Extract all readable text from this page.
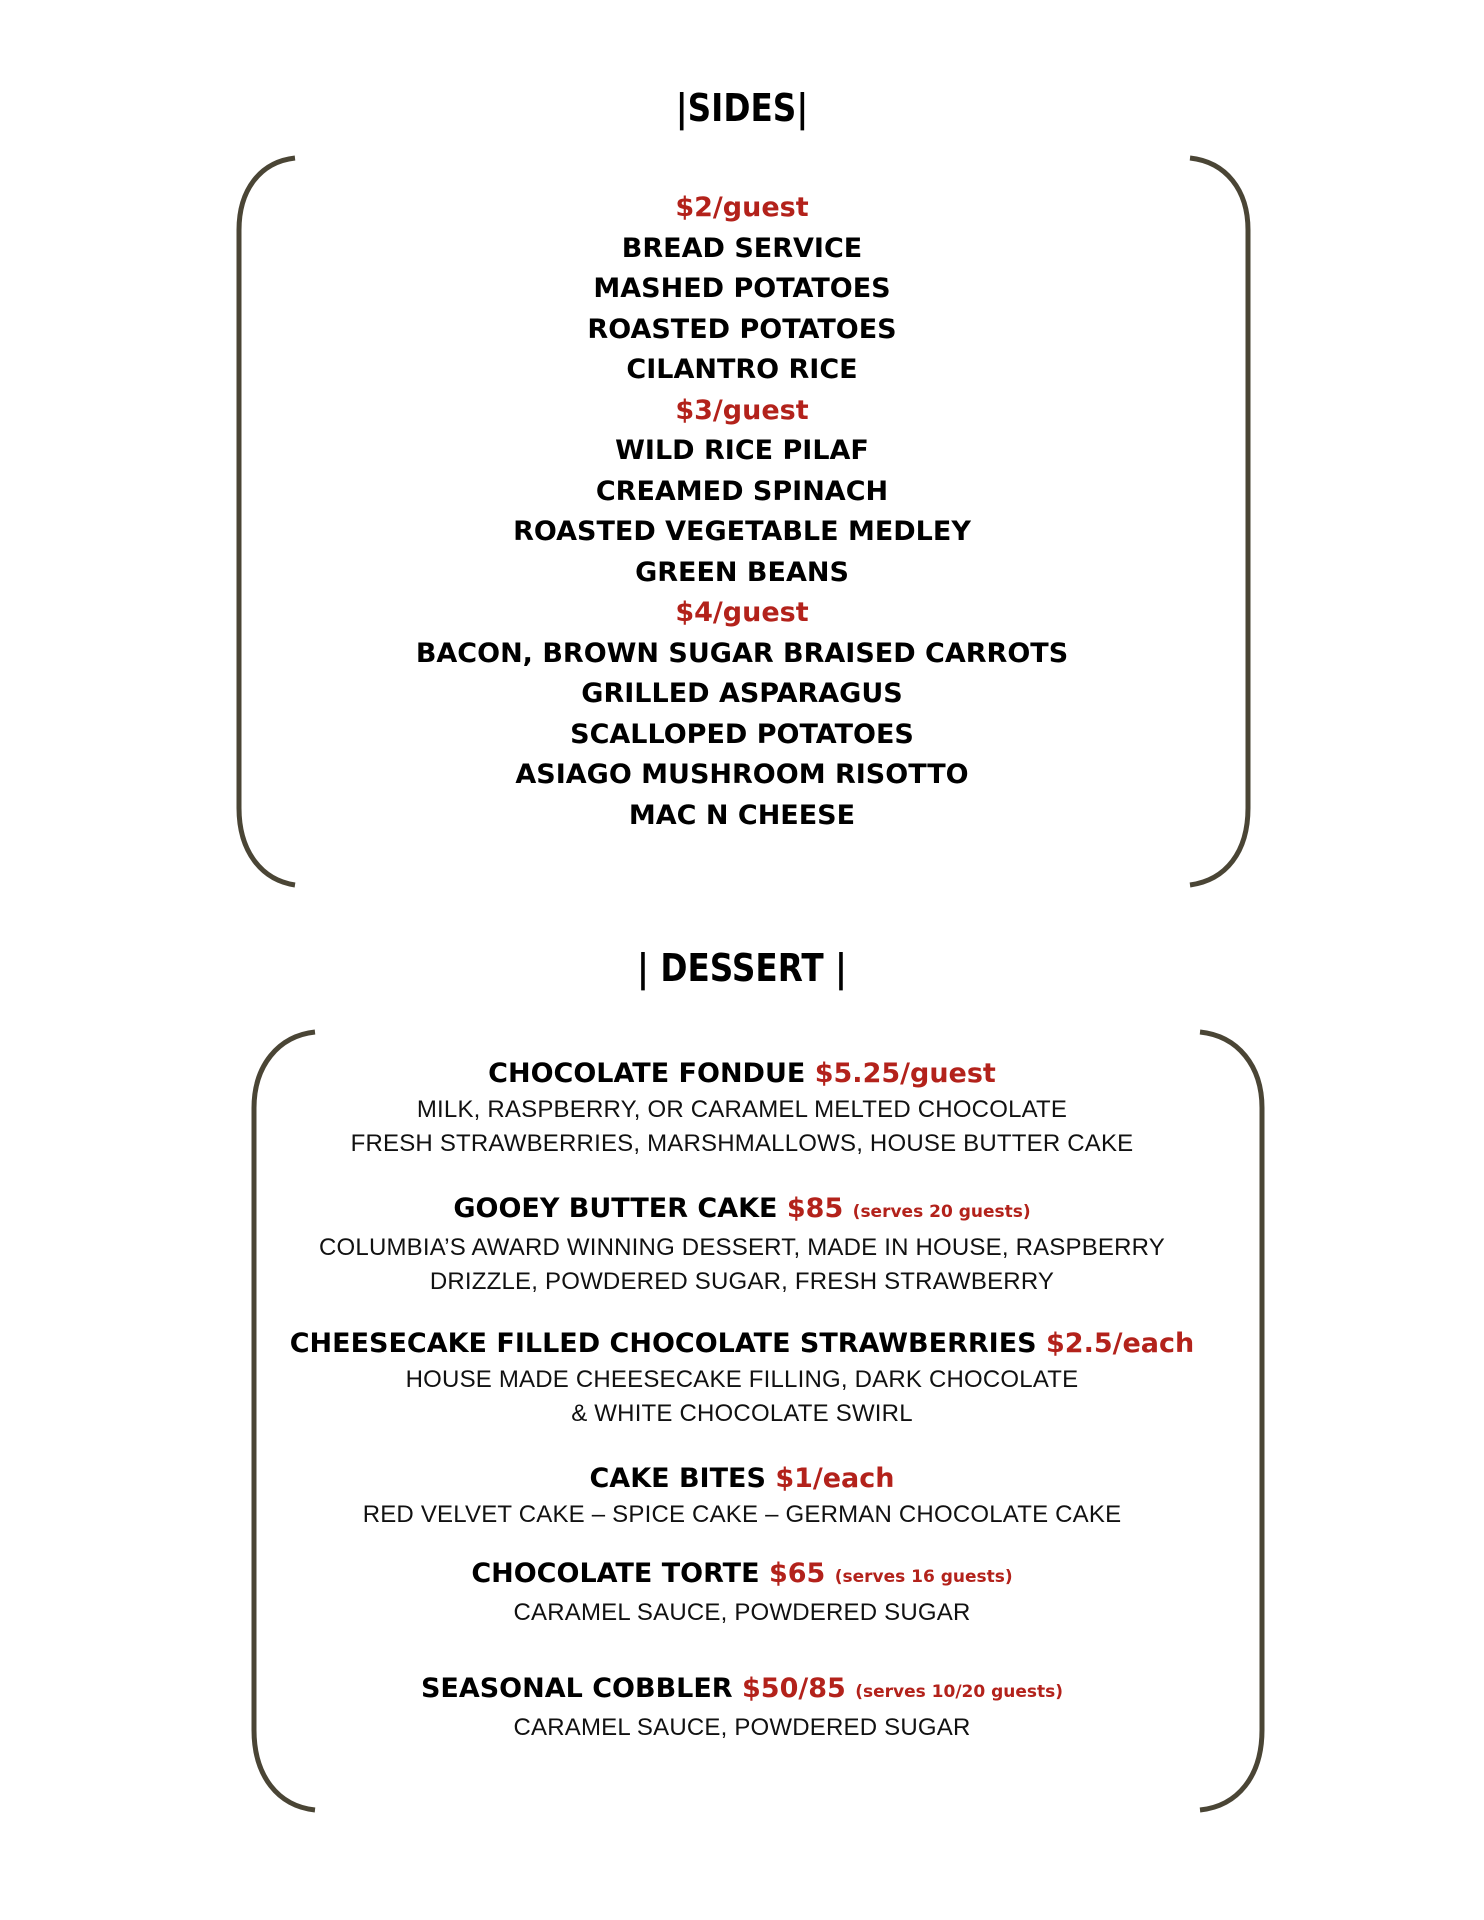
|SIDES|
$2/guest
BREAD SERVICE
MASHED POTATOES
ROASTED POTATOES
CILANTRO RICE
$3/guest
WILD RICE PILAF
CREAMED SPINACH
ROASTED VEGETABLE MEDLEY
GREEN BEANS
$4/guest
BACON, BROWN SUGAR BRAISED CARROTS
GRILLED ASPARAGUS
SCALLOPED POTATOES
ASIAGO MUSHROOM RISOTTO
MAC N CHEESE
| DESSERT |
CHOCOLATE FONDUE $5.25/guest
MILK, RASPBERRY, OR CARAMEL MELTED CHOCOLATE
FRESH STRAWBERRIES, MARSHMALLOWS, HOUSE BUTTER CAKE
GOOEY BUTTER CAKE $85 (serves 20 guests)
COLUMBIA’S AWARD WINNING DESSERT, MADE IN HOUSE, RASPBERRY
DRIZZLE, POWDERED SUGAR, FRESH STRAWBERRY
CHEESECAKE FILLED CHOCOLATE STRAWBERRIES $2.5/each
HOUSE MADE CHEESECAKE FILLING, DARK CHOCOLATE
& WHITE CHOCOLATE SWIRL
CAKE BITES $1/each
RED VELVET CAKE – SPICE CAKE – GERMAN CHOCOLATE CAKE
CHOCOLATE TORTE $65 (serves 16 guests)
CARAMEL SAUCE, POWDERED SUGAR
SEASONAL COBBLER $50/85 (serves 10/20 guests)
CARAMEL SAUCE, POWDERED SUGAR
